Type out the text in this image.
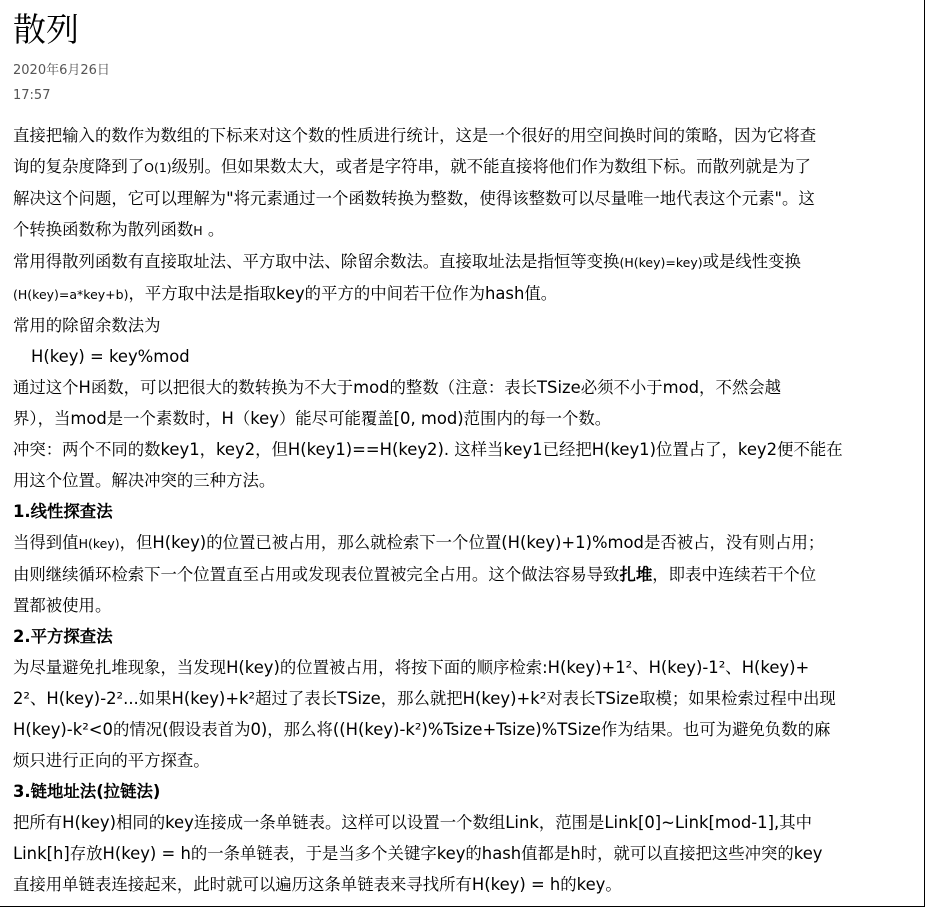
散列
2020年6月26日
17:57
直接把输入的数作为数组的下标来对这个数的性质进行统计，这是一个很好的用空间换时间的策略，因为它将查
询的复杂度降到了O(1)级别。但如果数太大，或者是字符串，就不能直接将他们作为数组下标。而散列就是为了
解决这个问题，它可以理解为"将元素通过一个函数转换为整数，使得该整数可以尽量唯一地代表这个元素"。这
个转换函数称为散列函数H 。
常用得散列函数有直接取址法、平方取中法、除留余数法。直接取址法是指恒等变换(H(key)=key)或是线性变换
(H(key)=a*key+b)，平方取中法是指取key的平方的中间若干位作为hash值。
常用的除留余数法为
H(key) = key%mod
通过这个H函数，可以把很大的数转换为不大于mod的整数（注意：表长TSize必须不小于mod，不然会越
界），当mod是一个素数时，H（key）能尽可能覆盖[0, mod)范围内的每一个数。
冲突：两个不同的数key1，key2，但H(key1)==H(key2). 这样当key1已经把H(key1)位置占了，key2便不能在
用这个位置。解决冲突的三种方法。
1.线性探查法
当得到值H(key)，但H(key)的位置已被占用，那么就检索下一个位置(H(key)+1)%mod是否被占，没有则占用；
由则继续循环检索下一个位置直至占用或发现表位置被完全占用。这个做法容易导致扎堆，即表中连续若干个位
置都被使用。
2.平方探查法
为尽量避免扎堆现象，当发现H(key)的位置被占用，将按下面的顺序检索:H(key)+1²、H(key)-1²、H(key)+
2²、H(key)-2²...如果H(key)+k²超过了表长TSize，那么就把H(key)+k²对表长TSize取模；如果检索过程中出现
H(key)-k²<0的情况(假设表首为0)，那么将((H(key)-k²)%Tsize+Tsize)%TSize作为结果。也可为避免负数的麻
烦只进行正向的平方探查。
3.链地址法(拉链法)
把所有H(key)相同的key连接成一条单链表。这样可以设置一个数组Link，范围是Link[0]~Link[mod-1],其中
Link[h]存放H(key) = h的一条单链表，于是当多个关键字key的hash值都是h时，就可以直接把这些冲突的key
直接用单链表连接起来，此时就可以遍历这条单链表来寻找所有H(key) = h的key。
